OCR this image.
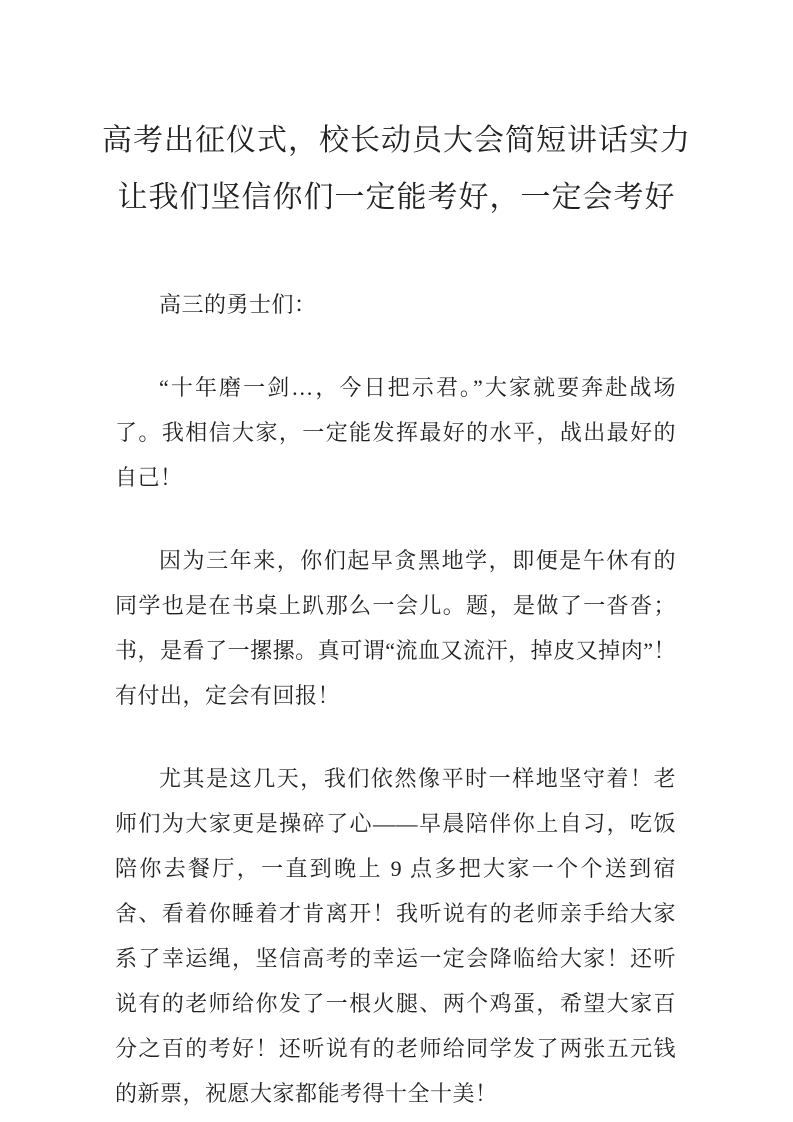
高考出征仪式，校长动员大会简短讲话实力
让我们坚信你们一定能考好，一定会考好

高三的勇士们：

“十年磨一剑…，今日把示君。”大家就要奔赴战场了。我相信大家，一定能发挥最好的水平，战出最好的自己！

因为三年来，你们起早贪黑地学，即便是午休有的同学也是在书桌上趴那么一会儿。题，是做了一沓沓；书，是看了一摞摞。真可谓“流血又流汗，掉皮又掉肉”！有付出，定会有回报！

尤其是这几天，我们依然像平时一样地坚守着！老师们为大家更是操碎了心——早晨陪伴你上自习，吃饭陪你去餐厅，一直到晚上 9 点多把大家一个个送到宿舍、看着你睡着才肯离开！我听说有的老师亲手给大家系了幸运绳，坚信高考的幸运一定会降临给大家！还听说有的老师给你发了一根火腿、两个鸡蛋，希望大家百分之百的考好！还听说有的老师给同学发了两张五元钱的新票，祝愿大家都能考得十全十美！
